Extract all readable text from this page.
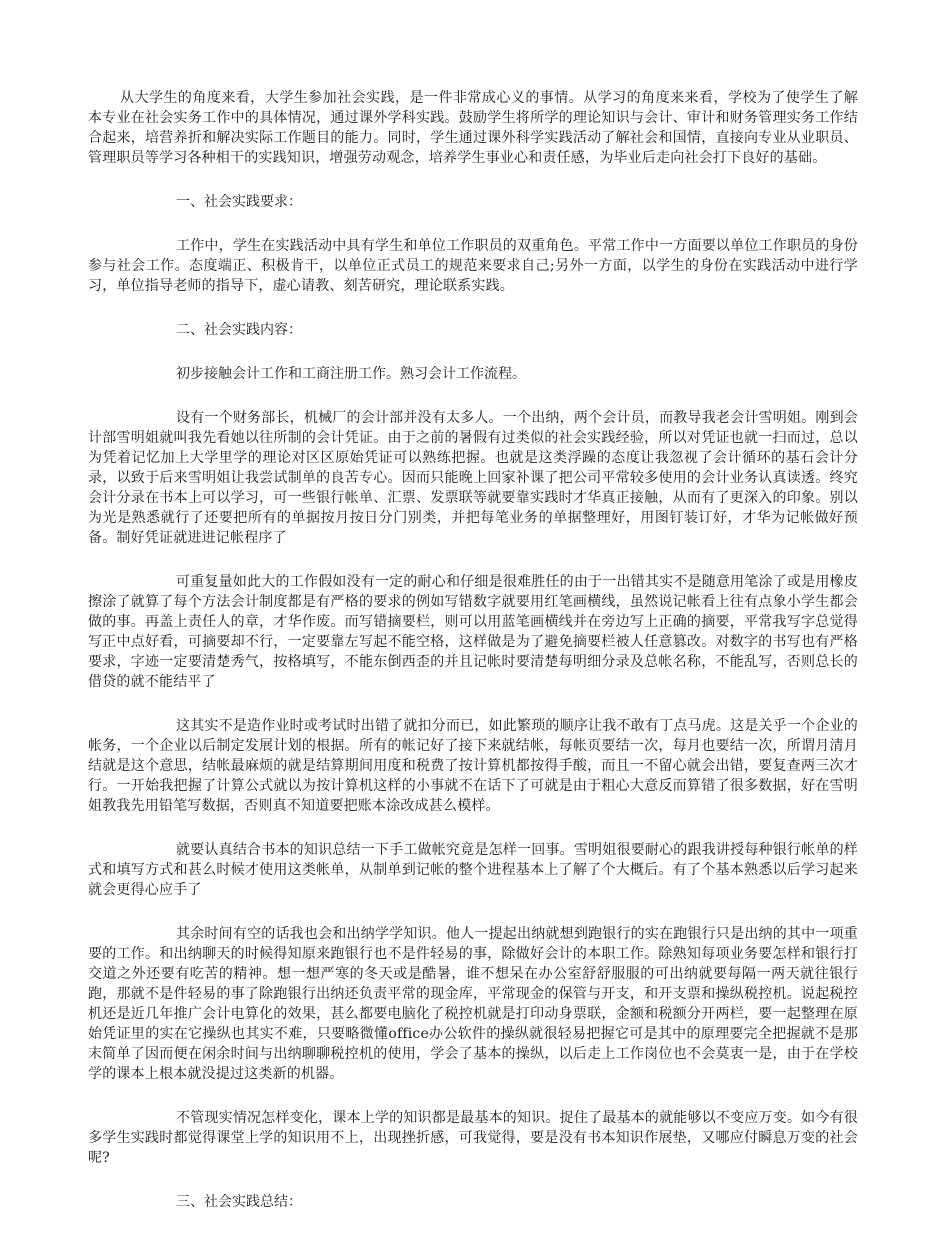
从大学生的角度来看，大学生参加社会实践，是一件非常成心义的事情。从学习的角度来来看，学校为了使学生了解本专业在社会实务工作中的具体情况，通过课外学科实践。鼓励学生将所学的理论知识与会计、审计和财务管理实务工作结合起来，培营养折和解决实际工作题目的能力。同时，学生通过课外科学实践活动了解社会和国情，直接向专业从业职员、管理职员等学习各种相干的实践知识，增强劳动观念，培养学生事业心和责任感，为毕业后走向社会打下良好的基础。

一、社会实践要求：

工作中，学生在实践活动中具有学生和单位工作职员的双重角色。平常工作中一方面要以单位工作职员的身份参与社会工作。态度端正、积极肯干，以单位正式员工的规范来要求自己;另外一方面，以学生的身份在实践活动中进行学习，单位指导老师的指导下，虚心请教、刻苦研究，理论联系实践。

二、社会实践内容：

初步接触会计工作和工商注册工作。熟习会计工作流程。

设有一个财务部长，机械厂的会计部并没有太多人。一个出纳，两个会计员，而教导我老会计雪明姐。刚到会计部雪明姐就叫我先看她以往所制的会计凭证。由于之前的暑假有过类似的社会实践经验，所以对凭证也就一扫而过，总以为凭着记忆加上大学里学的理论对区区原始凭证可以熟练把握。也就是这类浮躁的态度让我忽视了会计循环的基石会计分录，以致于后来雪明姐让我尝试制单的良苦专心。因而只能晚上回家补课了把公司平常较多使用的会计业务认真读透。终究会计分录在书本上可以学习，可一些银行帐单、汇票、发票联等就要靠实践时才华真正接触，从而有了更深入的印象。别以为光是熟悉就行了还要把所有的单据按月按日分门别类，并把每笔业务的单据整理好，用图钉装订好，才华为记帐做好预备。制好凭证就进进记帐程序了

可重复量如此大的工作假如没有一定的耐心和仔细是很难胜任的由于一出错其实不是随意用笔涂了或是用橡皮擦涂了就算了每个方法会计制度都是有严格的要求的例如写错数字就要用红笔画横线，虽然说记帐看上往有点象小学生都会做的事。再盖上责任人的章，才华作废。而写错摘要栏，则可以用蓝笔画横线并在旁边写上正确的摘要，平常我写字总觉得写正中点好看，可摘要却不行，一定要靠左写起不能空格，这样做是为了避免摘要栏被人任意篡改。对数字的书写也有严格要求，字迹一定要清楚秀气，按格填写，不能东倒西歪的并且记帐时要清楚每明细分录及总帐名称，不能乱写，否则总长的借贷的就不能结平了

这其实不是造作业时或考试时出错了就扣分而已，如此繁琐的顺序让我不敢有丁点马虎。这是关乎一个企业的帐务，一个企业以后制定发展计划的根据。所有的帐记好了接下来就结帐，每帐页要结一次，每月也要结一次，所谓月清月结就是这个意思，结帐最麻烦的就是结算期间用度和税费了按计算机都按得手酸，而且一不留心就会出错，要复查两三次才行。一开始我把握了计算公式就以为按计算机这样的小事就不在话下了可就是由于粗心大意反而算错了很多数据，好在雪明姐教我先用铅笔写数据，否则真不知道要把账本涂改成甚么模样。

就要认真结合书本的知识总结一下手工做帐究竟是怎样一回事。雪明姐很要耐心的跟我讲授每种银行帐单的样式和填写方式和甚么时候才使用这类帐单，从制单到记帐的整个进程基本上了解了个大概后。有了个基本熟悉以后学习起来就会更得心应手了

其余时间有空的话我也会和出纳学学知识。他人一提起出纳就想到跑银行的实在跑银行只是出纳的其中一项重要的工作。和出纳聊天的时候得知原来跑银行也不是件轻易的事，除做好会计的本职工作。除熟知每项业务要怎样和银行打交道之外还要有吃苦的精神。想一想严寒的冬天或是酷暑，谁不想呆在办公室舒舒服服的可出纳就要每隔一两天就往银行跑，那就不是件轻易的事了除跑银行出纳还负责平常的现金库，平常现金的保管与开支，和开支票和操纵税控机。说起税控机还是近几年推广会计电算化的效果，甚么都要电脑化了税控机就是打印动身票联，金额和税额分开两栏，要一起整理在原始凭证里的实在它操纵也其实不难，只要略微懂office办公软件的操纵就很轻易把握它可是其中的原理要完全把握就不是那末简单了因而便在闲余时间与出纳聊聊税控机的使用，学会了基本的操纵，以后走上工作岗位也不会莫衷一是，由于在学校学的课本上根本就没提过这类新的机器。

不管现实情况怎样变化，课本上学的知识都是最基本的知识。捉住了最基本的就能够以不变应万变。如今有很多学生实践时都觉得课堂上学的知识用不上，出现挫折感，可我觉得，要是没有书本知识作展垫，又哪应付瞬息万变的社会呢?

三、社会实践总结：
